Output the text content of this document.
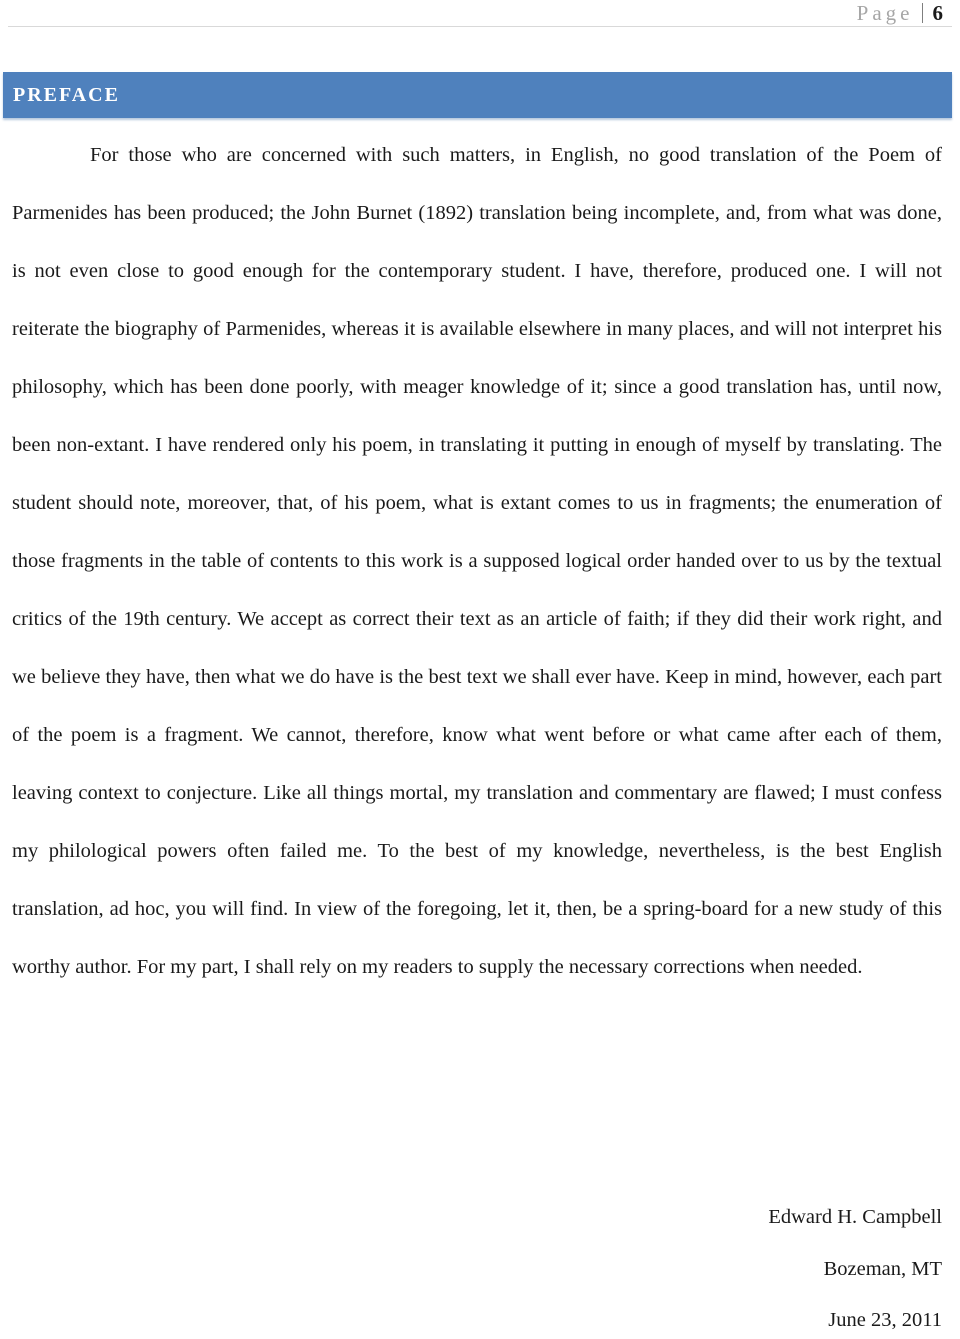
Page 6
PREFACE

For those who are concerned with such matters, in English, no good translation of the Poem of Parmenides has been produced; the John Burnet (1892) translation being incomplete, and, from what was done, is not even close to good enough for the contemporary student. I have, therefore, produced one. I will not reiterate the biography of Parmenides, whereas it is available elsewhere in many places, and will not interpret his philosophy, which has been done poorly, with meager knowledge of it; since a good translation has, until now, been non-extant. I have rendered only his poem, in translating it putting in enough of myself by translating. The student should note, moreover, that, of his poem, what is extant comes to us in fragments; the enumeration of those fragments in the table of contents to this work is a supposed logical order handed over to us by the textual critics of the 19th century. We accept as correct their text as an article of faith; if they did their work right, and we believe they have, then what we do have is the best text we shall ever have. Keep in mind, however, each part of the poem is a fragment. We cannot, therefore, know what went before or what came after each of them, leaving context to conjecture. Like all things mortal, my translation and commentary are flawed; I must confess my philological powers often failed me. To the best of my knowledge, nevertheless, is the best English translation, ad hoc, you will find. In view of the foregoing, let it, then, be a spring-board for a new study of this worthy author. For my part, I shall rely on my readers to supply the necessary corrections when needed.

Edward H. Campbell
Bozeman, MT
June 23, 2011
